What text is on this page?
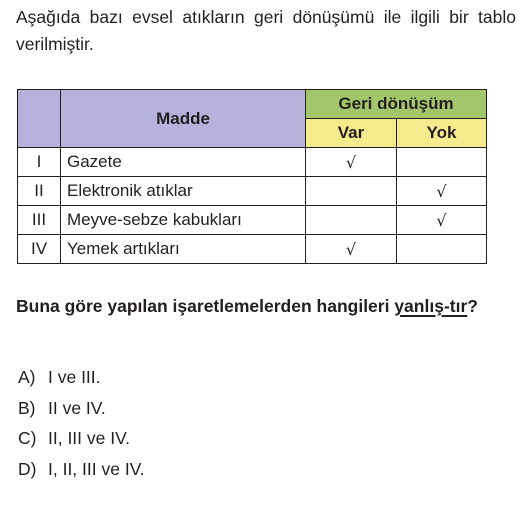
Aşağıda bazı evsel atıkların geri dönüşümü ile ilgili bir tablo verilmiştir.
	Madde	Geri dönüşüm	
		Var	Yok
I	Gazete	√	
II	Elektronik atıklar		√
III	Meyve-sebze kabukları		√
IV	Yemek artıkları	√	
Buna göre yapılan işaretlemelerden hangileri yanlış-tır?
A) I ve III.
B) II ve IV.
C) II, III ve IV.
D) I, II, III ve IV.
